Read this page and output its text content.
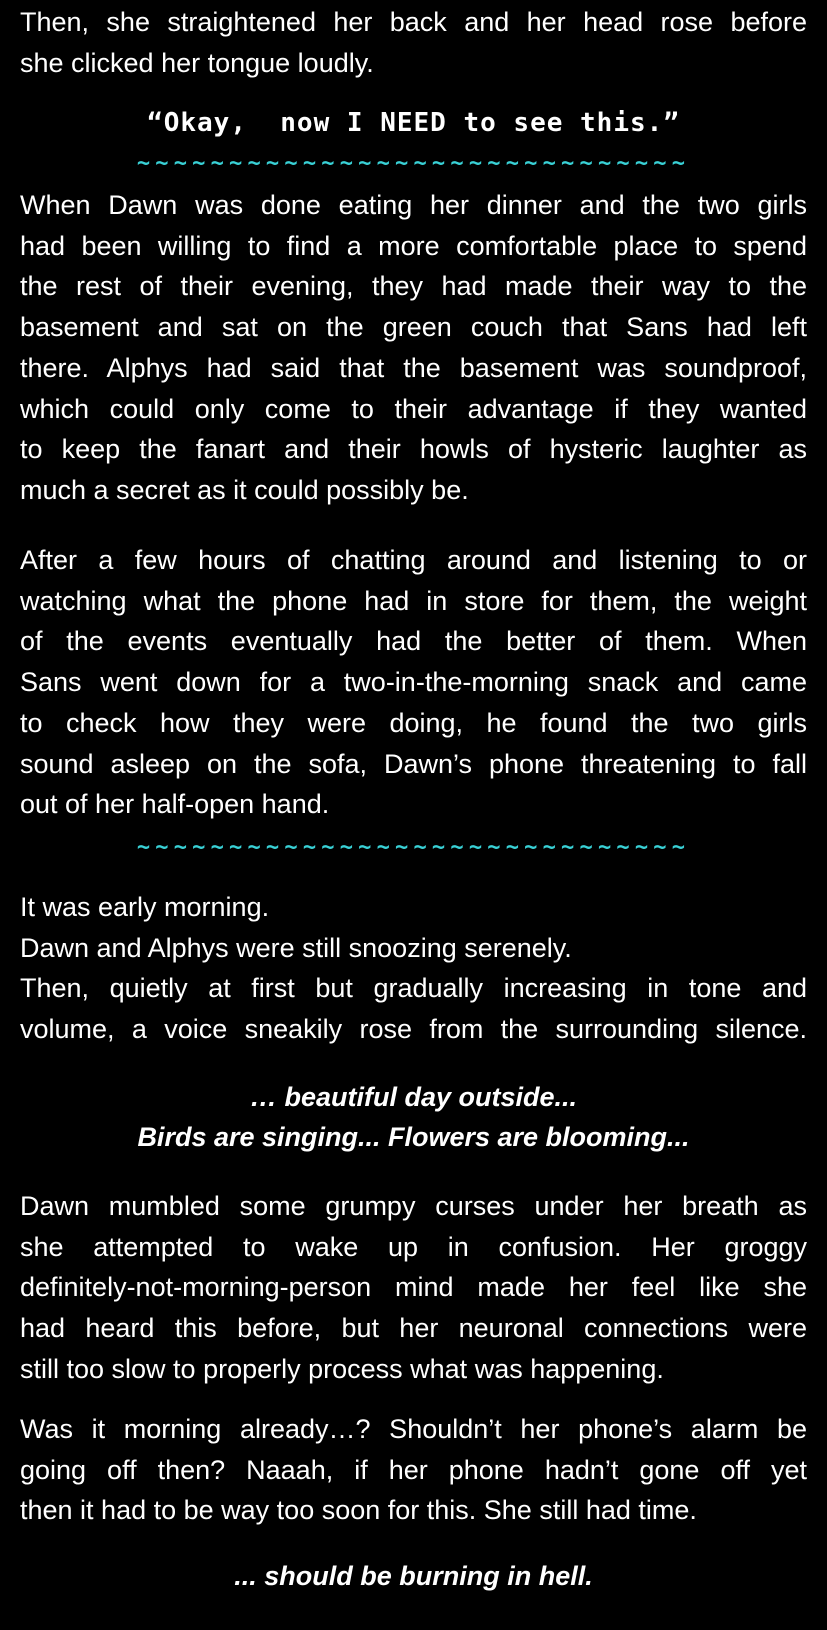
Then, she straightened her back and her head rose before
she clicked her tongue loudly.

“Okay,  now I NEED to see this.”

~~~~~~~~~~~~~~~~~~~~~~~~~~~~~~

When Dawn was done eating her dinner and the two girls
had been willing to find a more comfortable place to spend
the rest of their evening, they had made their way to the
basement and sat on the green couch that Sans had left
there. Alphys had said that the basement was soundproof,
which could only come to their advantage if they wanted
to keep the fanart and their howls of hysteric laughter as
much a secret as it could possibly be.

After a few hours of chatting around and listening to or
watching what the phone had in store for them, the weight
of the events eventually had the better of them. When
Sans went down for a two-in-the-morning snack and came
to check how they were doing, he found the two girls
sound asleep on the sofa, Dawn’s phone threatening to fall
out of her half-open hand.

~~~~~~~~~~~~~~~~~~~~~~~~~~~~~~

It was early morning.
Dawn and Alphys were still snoozing serenely.
Then, quietly at first but gradually increasing in tone and
volume, a voice sneakily rose from the surrounding silence.

… beautiful day outside...
Birds are singing... Flowers are blooming...

Dawn mumbled some grumpy curses under her breath as
she attempted to wake up in confusion. Her groggy
definitely-not-morning-person mind made her feel like she
had heard this before, but her neuronal connections were
still too slow to properly process what was happening.

Was it morning already…? Shouldn’t her phone’s alarm be
going off then? Naaah, if her phone hadn’t gone off yet
then it had to be way too soon for this. She still had time.

... should be burning in hell.
